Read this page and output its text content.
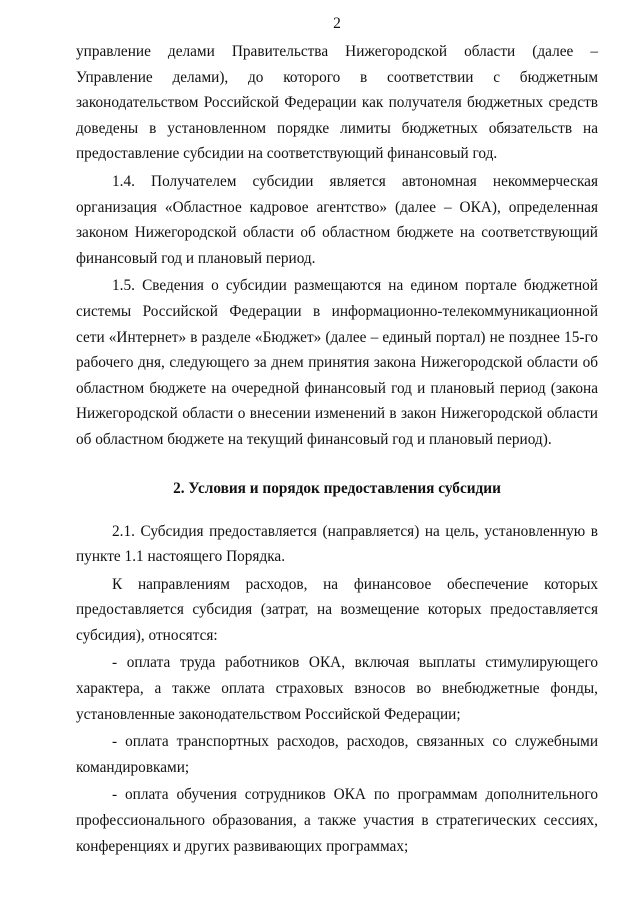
2

управление делами Правительства Нижегородской области (далее – Управление делами), до которого в соответствии с бюджетным законодательством Российской Федерации как получателя бюджетных средств доведены в установленном порядке лимиты бюджетных обязательств на предоставление субсидии на соответствующий финансовый год.

1.4. Получателем субсидии является автономная некоммерческая организация «Областное кадровое агентство» (далее – ОКА), определенная законом Нижегородской области об областном бюджете на соответствующий финансовый год и плановый период.

1.5. Сведения о субсидии размещаются на едином портале бюджетной системы Российской Федерации в информационно-телекоммуникационной сети «Интернет» в разделе «Бюджет» (далее – единый портал) не позднее 15-го рабочего дня, следующего за днем принятия закона Нижегородской области об областном бюджете на очередной финансовый год и плановый период (закона Нижегородской области о внесении изменений в закон Нижегородской области об областном бюджете на текущий финансовый год и плановый период).

2. Условия и порядок предоставления субсидии

2.1. Субсидия предоставляется (направляется) на цель, установленную в пункте 1.1 настоящего Порядка.

К направлениям расходов, на финансовое обеспечение которых предоставляется субсидия (затрат, на возмещение которых предоставляется субсидия), относятся:

- оплата труда работников ОКА, включая выплаты стимулирующего характера, а также оплата страховых взносов во внебюджетные фонды, установленные законодательством Российской Федерации;

- оплата транспортных расходов, расходов, связанных со служебными командировками;

- оплата обучения сотрудников ОКА по программам дополнительного профессионального образования, а также участия в стратегических сессиях, конференциях и других развивающих программах;
